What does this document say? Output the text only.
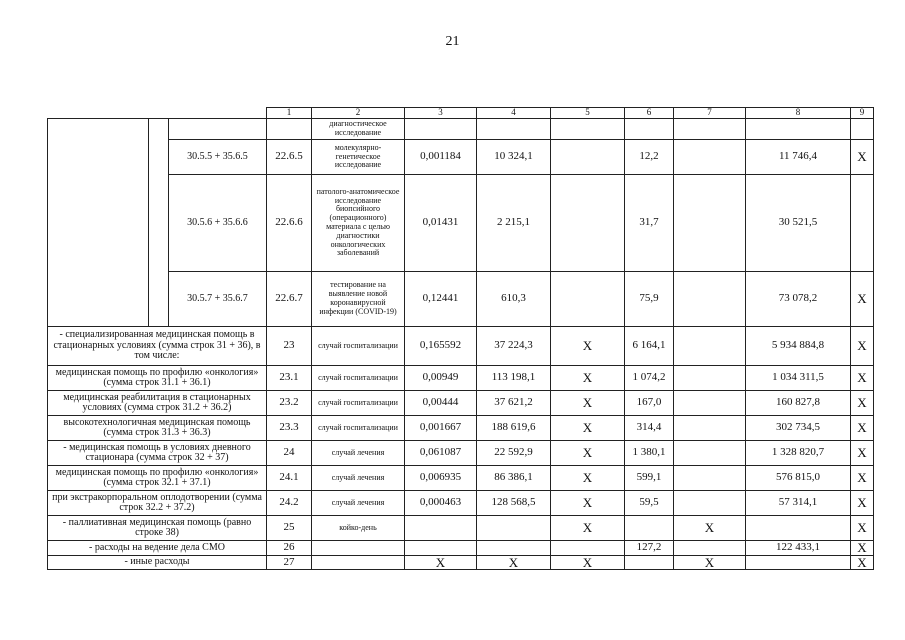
21
			1	2	3	4	5	6	7	8	9
				диагностическое исследование							
		30.5.5 + 35.6.5	22.6.5	молекулярно-генетическое исследование	0,001184	10 324,1		12,2		11 746,4	X
		30.5.6 + 35.6.6	22.6.6	патолого-анатомическое исследование биопсийного (операционного) материала с целью диагностики онкологических заболеваний	0,01431	2 215,1		31,7		30 521,5	
		30.5.7 + 35.6.7	22.6.7	тестирование на выявление новой коронавирусной инфекции (COVID-19)	0,12441	610,3		75,9		73 078,2	X
- специализированная медицинская помощь в стационарных условиях (сумма строк 31 + 36), в том числе:			23	случай госпитализации	0,165592	37 224,3	X	6 164,1		5 934 884,8	X
медицинская помощь по профилю «онкология» (сумма строк 31.1 + 36.1)			23.1	случай госпитализации	0,00949	113 198,1	X	1 074,2		1 034 311,5	X
медицинская реабилитация в стационарных условиях (сумма строк 31.2 + 36.2)			23.2	случай госпитализации	0,00444	37 621,2	X	167,0		160 827,8	X
высокотехнологичная медицинская помощь (сумма строк 31.3 + 36.3)			23.3	случай госпитализации	0,001667	188 619,6	X	314,4		302 734,5	X
- медицинская помощь в условиях дневного стационара (сумма строк 32 + 37)			24	случай лечения	0,061087	22 592,9	X	1 380,1		1 328 820,7	X
медицинская помощь по профилю «онкология» (сумма строк 32.1 + 37.1)			24.1	случай лечения	0,006935	86 386,1	X	599,1		576 815,0	X
при экстракорпоральном оплодотворении (сумма строк 32.2 + 37.2)			24.2	случай лечения	0,000463	128 568,5	X	59,5		57 314,1	X
- паллиативная медицинская помощь (равно строке 38)			25	койко-день			X		X		X
- расходы на ведение дела СМО			26					127,2		122 433,1	X
- иные расходы			27		X	X	X		X		X
